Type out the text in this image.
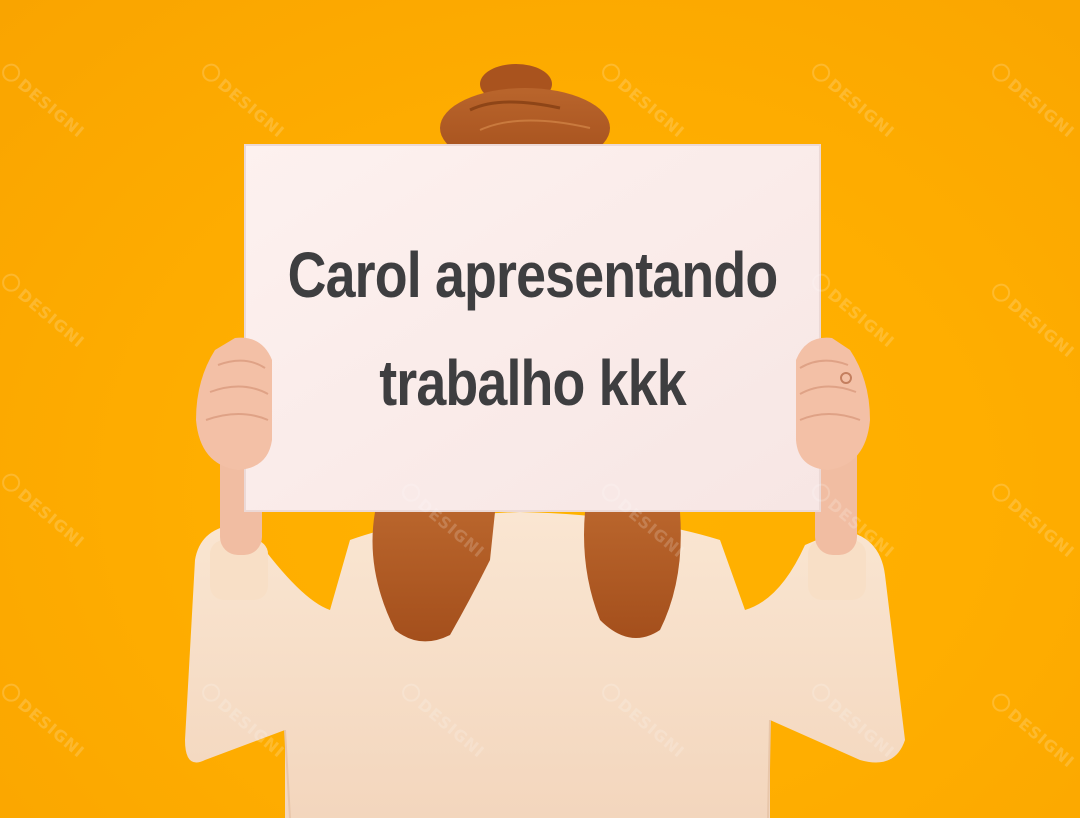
DESIGNI	DESIGNI	DESIGNI	DESIGNI	DESIGNI
DESIGNI	DESIGNI	DESIGNI
DESIGNI	DESIGNI	DESIGNI
DESIGNI	DESIGNI
Carol apresentando
trabalho kkk
